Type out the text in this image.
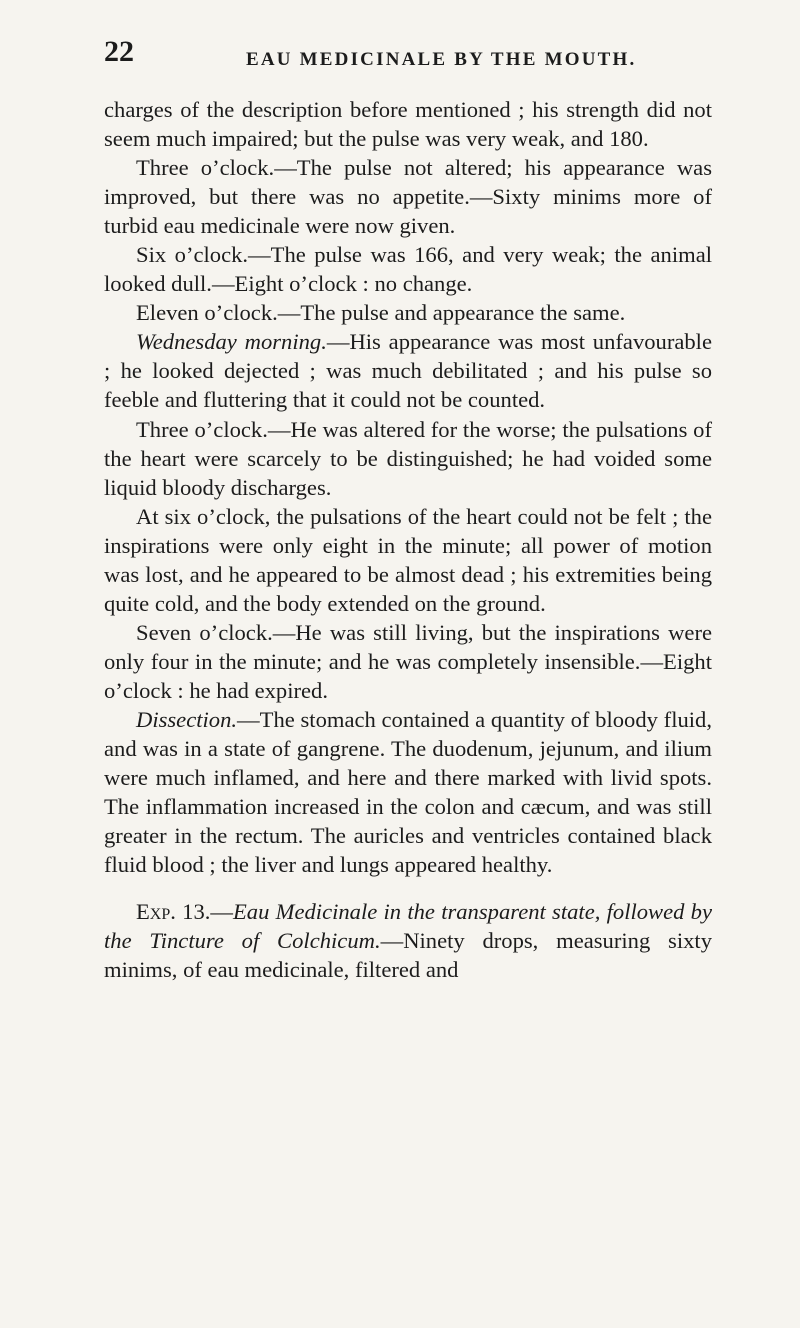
22	EAU MEDICINALE BY THE MOUTH.

charges of the description before mentioned ; his strength did not seem much impaired; but the pulse was very weak, and 180.

Three o’clock.—The pulse not altered; his appearance was improved, but there was no appetite.—Sixty minims more of turbid eau medicinale were now given.

Six o’clock.—The pulse was 166, and very weak; the animal looked dull.—Eight o’clock : no change.

Eleven o’clock.—The pulse and appearance the same.

Wednesday morning.—His appearance was most unfavourable ; he looked dejected ; was much debilitated ; and his pulse so feeble and fluttering that it could not be counted.

Three o’clock.—He was altered for the worse; the pulsations of the heart were scarcely to be distinguished; he had voided some liquid bloody discharges.

At six o’clock, the pulsations of the heart could not be felt ; the inspirations were only eight in the minute; all power of motion was lost, and he appeared to be almost dead ; his extremities being quite cold, and the body extended on the ground.

Seven o’clock.—He was still living, but the inspirations were only four in the minute; and he was completely insensible.—Eight o’clock : he had expired.

Dissection.—The stomach contained a quantity of bloody fluid, and was in a state of gangrene. The duodenum, jejunum, and ilium were much inflamed, and here and there marked with livid spots. The inflammation increased in the colon and cæcum, and was still greater in the rectum. The auricles and ventricles contained black fluid blood ; the liver and lungs appeared healthy.

Exp. 13.—Eau Medicinale in the transparent state, followed by the Tincture of Colchicum.—Ninety drops, measuring sixty minims, of eau medicinale, filtered and
